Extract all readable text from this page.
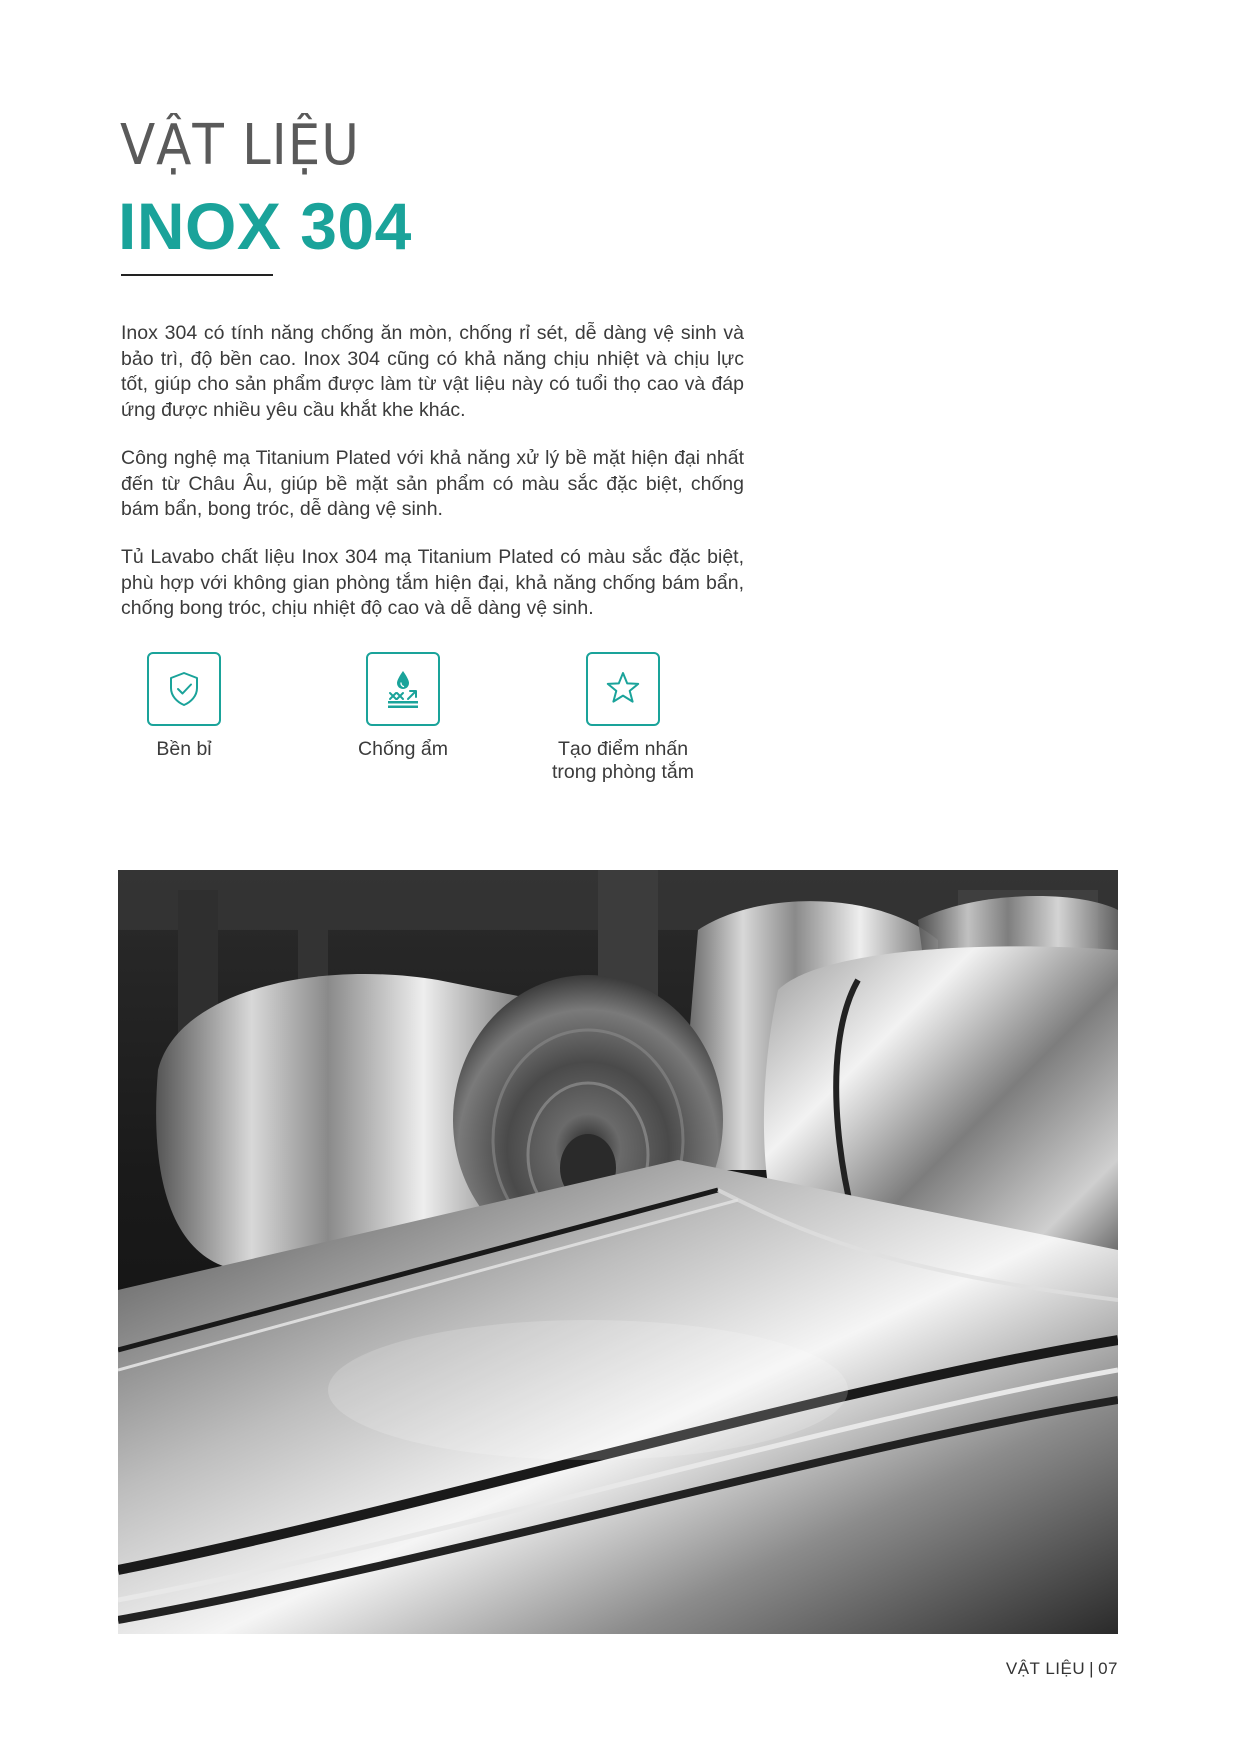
VẬT LIỆU
INOX 304
Inox 304 có tính năng chống ăn mòn, chống rỉ sét, dễ dàng vệ sinh và bảo trì, độ bền cao. Inox 304 cũng có khả năng chịu nhiệt và chịu lực tốt, giúp cho sản phẩm được làm từ vật liệu này có tuổi thọ cao và đáp ứng được nhiều yêu cầu khắt khe khác.
Công nghệ mạ Titanium Plated với khả năng xử lý bề mặt hiện đại nhất đến từ Châu Âu, giúp bề mặt sản phẩm có màu sắc đặc biệt, chống bám bẩn, bong tróc, dễ dàng vệ sinh.
Tủ Lavabo chất liệu Inox 304 mạ Titanium Plated có màu sắc đặc biệt, phù hợp với không gian phòng tắm hiện đại, khả năng chống bám bẩn, chống bong tróc, chịu nhiệt độ cao và dễ dàng vệ sinh.
Bền bỉ	Chống ẩm	Tạo điểm nhấn
trong phòng tắm
VẬT LIỆU | 07
